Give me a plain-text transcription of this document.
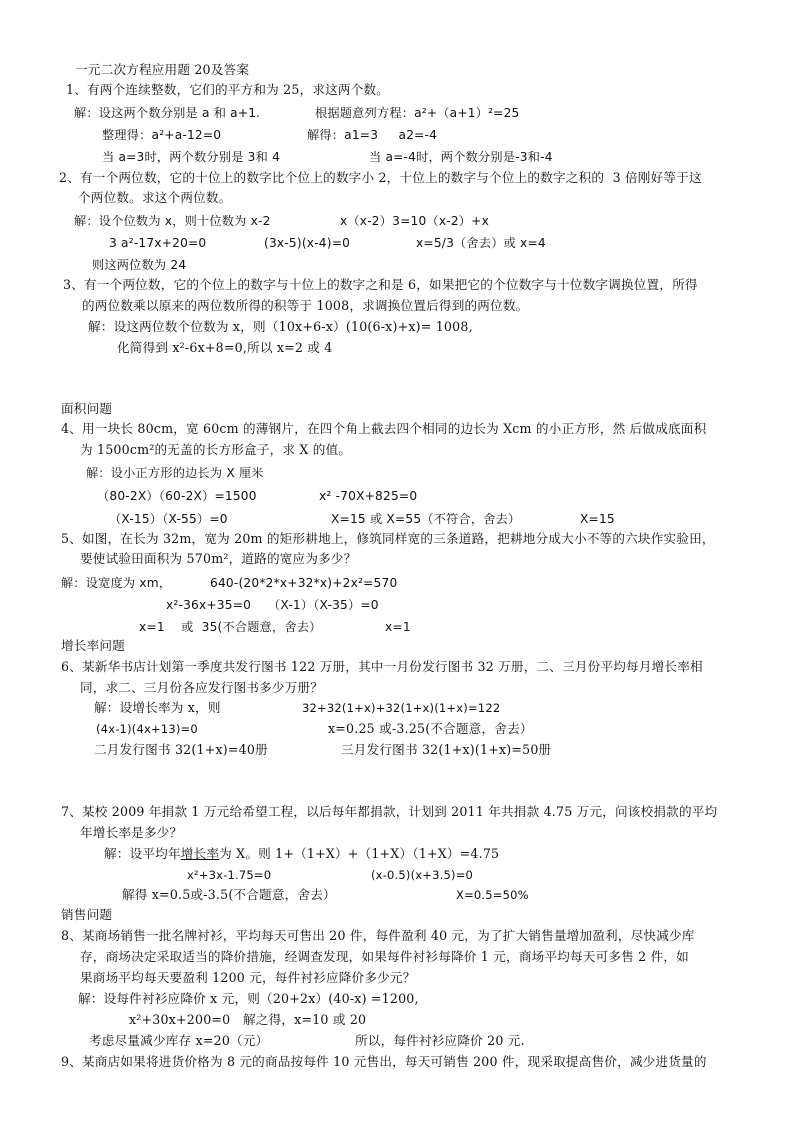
一元二次方程应用题 20及答案
1、有两个连续整数，它们的平方和为 25，求这两个数。
解：设这两个数分别是 a 和 a+1.	根据题意列方程：a²+（a+1）²=25
整理得：a²+a-12=0	解得：a1=3     a2=-4
当 a=3时，两个数分别是 3和 4	当 a=-4时，两个数分别是-3和-4
2、有一个两位数，它的十位上的数字比个位上的数字小 2，十位上的数字与个位上的数字之积的  3 倍刚好等于这
个两位数。求这个两位数。
解：设个位数为 x，则十位数为 x-2	x（x-2）3=10（x-2）+x
3 a²-17x+20=0	(3x-5)(x-4)=0	x=5/3（舍去）或 x=4
则这两位数为 24
3、有一个两位数，它的个位上的数字与十位上的数字之和是 6，如果把它的个位数字与十位数字调换位置，所得
的两位数乘以原来的两位数所得的积等于 1008，求调换位置后得到的两位数。
解：设这两位数个位数为 x，则（10x+6-x）(10(6-x)+x)= 1008,
化简得到 x²-6x+8=0,所以 x=2 或 4
面积问题
4、用一块长 80cm，宽 60cm 的薄钢片，在四个角上截去四个相同的边长为 Xcm 的小正方形，然 后做成底面积
为 1500cm²的无盖的长方形盒子，求 X 的值。
解：设小正方形的边长为 X 厘米
（80-2X）（60-2X）=1500	x² -70X+825=0
（X-15）（X-55）=0	X=15 或 X=55（不符合，舍去）	X=15
5、如图，在长为 32m，宽为 20m 的矩形耕地上，修筑同样宽的三条道路，把耕地分成大小不等的六块作实验田，
要使试验田面积为 570m²，道路的宽应为多少？
解：设宽度为 xm，	640-(20*2*x+32*x)+2x²=570
x²-36x+35=0 （X-1）（X-35）=0
x=1    或  35(不合题意，舍去）	x=1
增长率问题
6、某新华书店计划第一季度共发行图书 122 万册，其中一月份发行图书 32 万册，二、三月份平均每月增长率相
同，求二、三月份各应发行图书多少万册？
解：设增长率为 x，则	32+32(1+x)+32(1+x)(1+x)=122
(4x-1)(4x+13)=0	x=0.25 或-3.25(不合题意，舍去）
二月发行图书 32(1+x)=40册	三月发行图书 32(1+x)(1+x)=50册
7、某校 2009 年捐款 1 万元给希望工程，以后每年都捐款，计划到 2011 年共捐款 4.75 万元，问该校捐款的平均
年增长率是多少？
解：设平均年增长率为 X。则 1+（1+X）+（1+X）（1+X）=4.75
x²+3x-1.75=0	(x-0.5)(x+3.5)=0
解得 x=0.5或-3.5(不合题意，舍去）	X=0.5=50%
销售问题
8、某商场销售一批名牌衬衫，平均每天可售出 20 件，每件盈利 40 元，为了扩大销售量增加盈利，尽快减少库
存，商场决定采取适当的降价措施，经调查发现，如果每件衬衫每降价 1 元，商场平均每天可多售 2 件，如
果商场平均每天要盈利 1200 元，每件衬衫应降价多少元？
解：设每件衬衫应降价 x 元，则（20+2x）(40-x) =1200,
x²+30x+200=0   解之得，x=10 或 20
考虑尽量减少库存 x=20（元）	所以，每件衬衫应降价 20 元.
9、某商店如果将进货价格为 8 元的商品按每件 10 元售出，每天可销售 200 件，现采取提高售价，减少进货量的
